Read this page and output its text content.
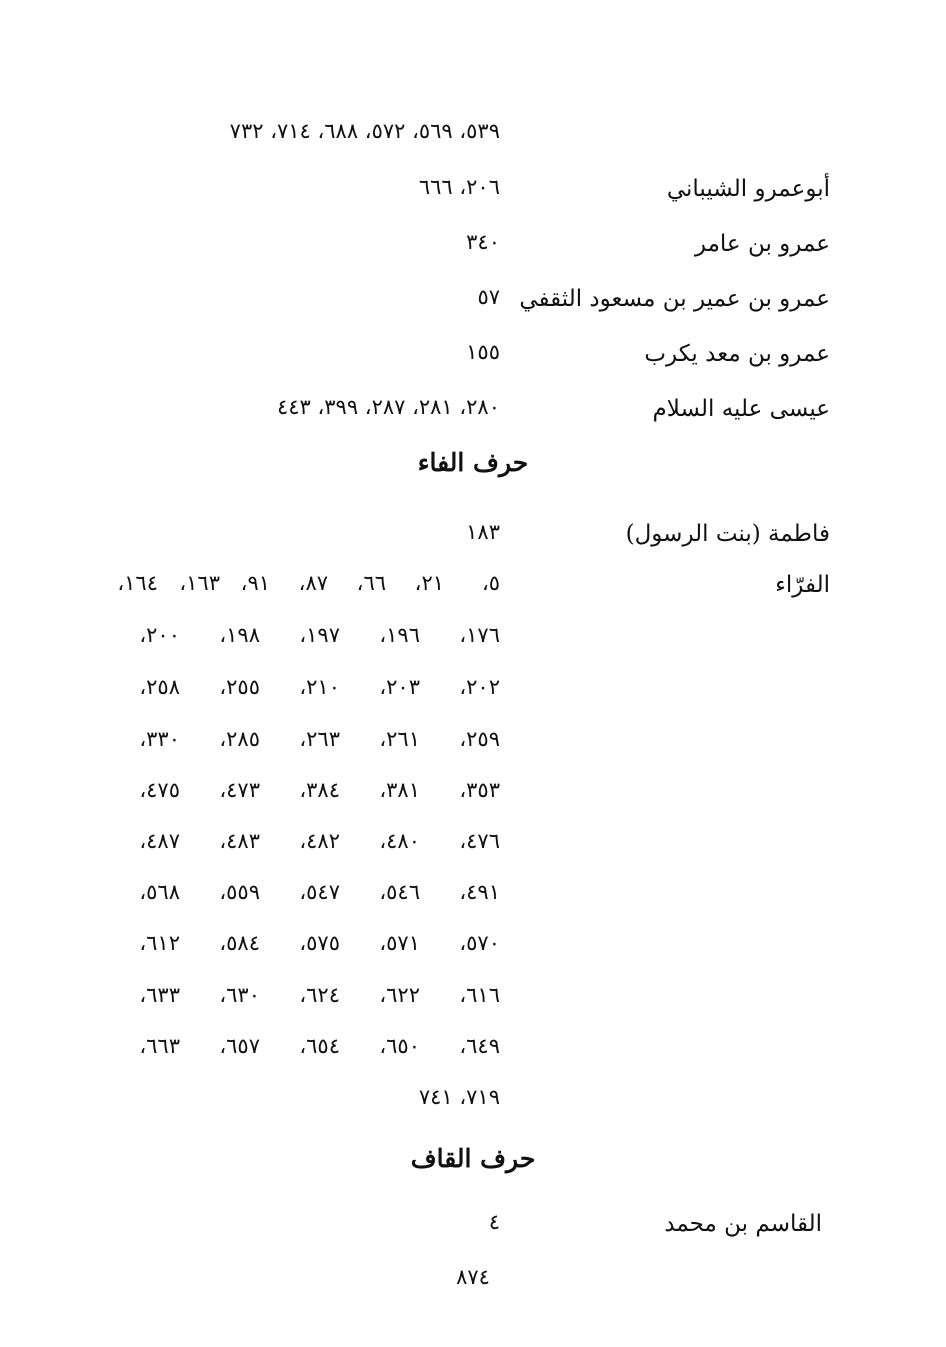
٥٣٩، ٥٦٩، ٥٧٢، ٦٨٨، ٧١٤، ٧٣٢
أبوعمرو الشيباني
٢٠٦، ٦٦٦
عمرو بن عامر
٣٤٠
عمرو بن عمير بن مسعود الثقفي
٥٧
عمرو بن معد يكرب
١٥٥
عيسى عليه السلام
٢٨٠، ٢٨١، ٢٨٧، ٣٩٩، ٤٤٣
حرف الفاء
فاطمة (بنت الرسول)
١٨٣
الفرّاء
٥،
٢١،
٦٦،
٨٧،
٩١،
١٦٣،
١٦٤،
١٧٦،
١٩٦،
١٩٧،
١٩٨،
٢٠٠،
٢٠٢،
٢٠٣،
٢١٠،
٢٥٥،
٢٥٨،
٢٥٩،
٢٦١،
٢٦٣،
٢٨٥،
٣٣٠،
٣٥٣،
٣٨١،
٣٨٤،
٤٧٣،
٤٧٥،
٤٧٦،
٤٨٠،
٤٨٢،
٤٨٣،
٤٨٧،
٤٩١،
٥٤٦،
٥٤٧،
٥٥٩،
٥٦٨،
٥٧٠،
٥٧١،
٥٧٥،
٥٨٤،
٦١٢،
٦١٦،
٦٢٢،
٦٢٤،
٦٣٠،
٦٣٣،
٦٤٩،
٦٥٠،
٦٥٤،
٦٥٧،
٦٦٣،
٧١٩، ٧٤١
حرف القاف
القاسم بن محمد
٤
٨٧٤
